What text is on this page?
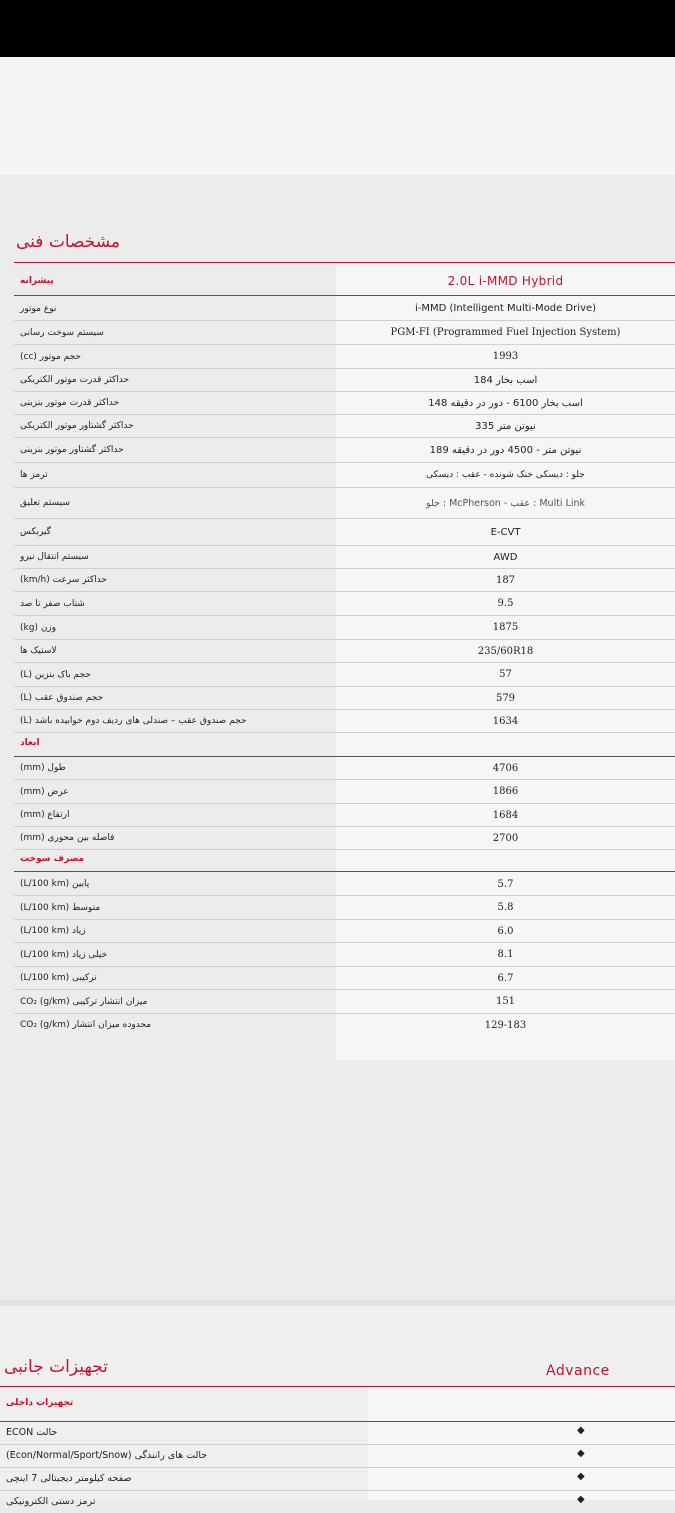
مشخصات فنی
پیشرانه	2.0L i-MMD Hybrid
نوع موتور	i-MMD (Intelligent Multi-Mode Drive)
سیستم سوخت رسانی	PGM-FI (Programmed Fuel Injection System)
حجم موتور (cc)	1993
حداکثر قدرت موتور الکتریکی	184 اسب بخار
حداکثر قدرت موتور بنزینی	148 اسب بخار 6100 - دور در دقیقه
حداکثر گشتاور موتور الکتریکی	335 نیوتن متر
حداکثر گشتاور موتور بنزینی	189 نیوتن متر - 4500 دور در دقیقه
ترمز ها	جلو : دیسکی خنک شونده - عقب : دیسکی
سیستم تعلیق	جلو : McPherson - عقب : Multi Link
گیربکس	E-CVT
سیستم انتقال نیرو	AWD
حداکثر سرعت (km/h)	187
شتاب صفر تا صد	9.5
وزن (kg)	1875
لاستیک ها	235/60R18
حجم باک بنزین (L)	57
حجم صندوق عقب (L)	579
حجم صندوق عقب – صندلی های ردیف دوم خوابیده باشد (L)	1634
ابعاد
طول (mm)	4706
عرض (mm)	1866
ارتفاع (mm)	1684
فاصله بین محوری (mm)	2700
مصرف سوخت
پایین (L/100 km)	5.7
متوسط (L/100 km)	5.8
زیاد (L/100 km)	6.0
خیلی زیاد (L/100 km)	8.1
ترکیبی (L/100 km)	6.7
میزان انتشار ترکیبی CO₂ (g/km)	151
محدوده میزان انتشار CO₂ (g/km)	129-183
تجهیزات جانبی	Advance
تجهیزات داخلی
حالت ECON	◆
حالت های رانندگی (Econ/Normal/Sport/Snow)	◆
صفحه کیلومتر دیجیتالی 7 اینچی	◆
ترمز دستی الکترونیکی	◆
